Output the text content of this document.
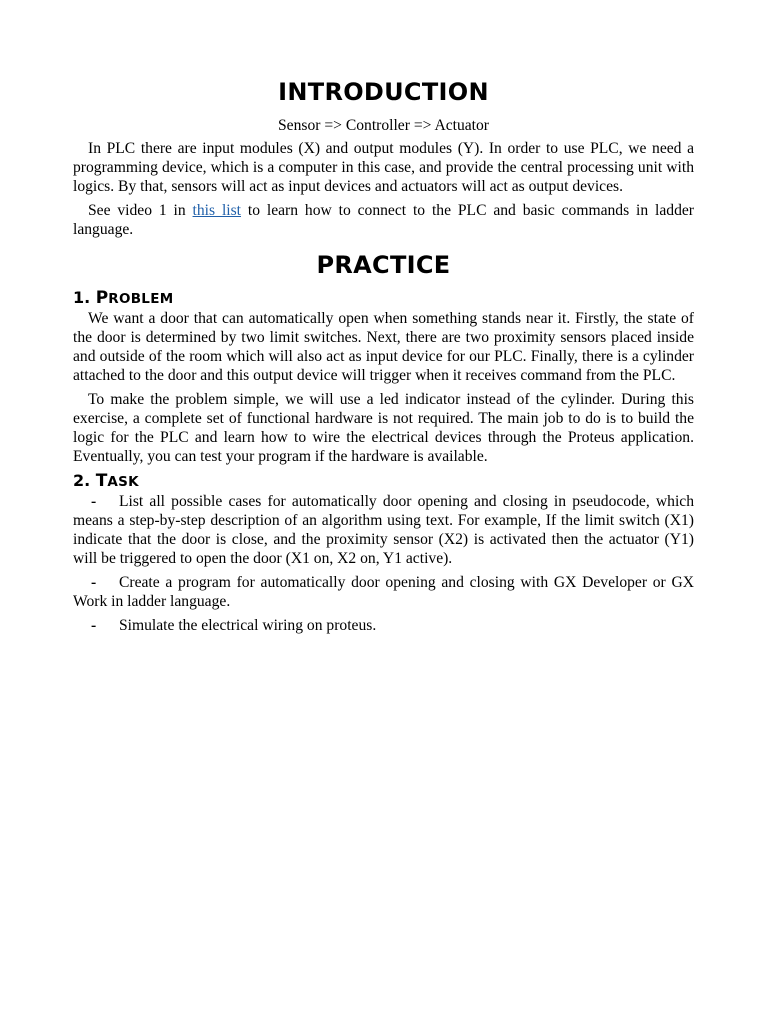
INTRODUCTION
Sensor => Controller => Actuator

In PLC there are input modules (X) and output modules (Y). In order to use PLC, we need a programming device, which is a computer in this case, and provide the central processing unit with logics. By that, sensors will act as input devices and actuators will act as output devices.

See video 1 in this list to learn how to connect to the PLC and basic commands in ladder language.

PRACTICE
1. PROBLEM

We want a door that can automatically open when something stands near it. Firstly, the state of the door is determined by two limit switches. Next, there are two proximity sensors placed inside and outside of the room which will also act as input device for our PLC. Finally, there is a cylinder attached to the door and this output device will trigger when it receives command from the PLC.

To make the problem simple, we will use a led indicator instead of the cylinder. During this exercise, a complete set of functional hardware is not required. The main job to do is to build the logic for the PLC and learn how to wire the electrical devices through the Proteus application. Eventually, you can test your program if the hardware is available.

2. TASK
- List all possible cases for automatically door opening and closing in pseudocode, which means a step-by-step description of an algorithm using text. For example, If the limit switch (X1) indicate that the door is close, and the proximity sensor (X2) is activated then the actuator (Y1) will be triggered to open the door (X1 on, X2 on, Y1 active).
- Create a program for automatically door opening and closing with GX Developer or GX Work in ladder language.
- Simulate the electrical wiring on proteus.
